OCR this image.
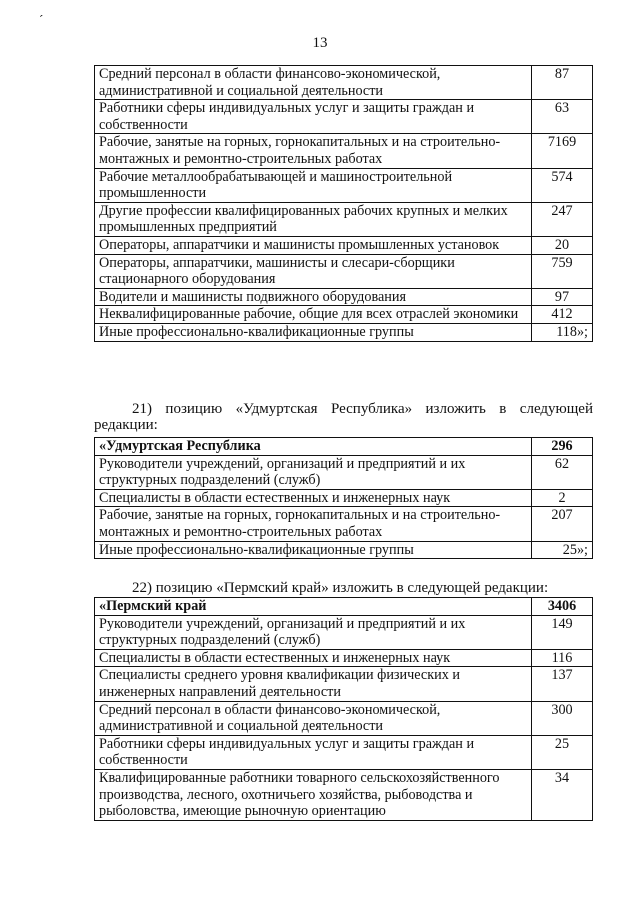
´
13
Средний персонал в области финансово-экономической, административной и социальной деятельности	87
Работники сферы индивидуальных услуг и защиты граждан и собственности	63
Рабочие, занятые на горных, горнокапитальных и на строительно-монтажных и ремонтно-строительных работах	7169
Рабочие металлообрабатывающей и машиностроительной промышленности	574
Другие профессии квалифицированных рабочих крупных и мелких промышленных предприятий	247
Операторы, аппаратчики и машинисты промышленных установок	20
Операторы, аппаратчики, машинисты и слесари-сборщики стационарного оборудования	759
Водители и машинисты подвижного оборудования	97
Неквалифицированные рабочие, общие для всех отраслей экономики	412
Иные профессионально-квалификационные группы	118»;
21) позицию «Удмуртская Республика» изложить в следующей редакции:
«Удмуртская Республика	296
Руководители учреждений, организаций и предприятий и их структурных подразделений (служб)	62
Специалисты в области естественных и инженерных наук	2
Рабочие, занятые на горных, горнокапитальных и на строительно-монтажных и ремонтно-строительных работах	207
Иные профессионально-квалификационные группы	25»;
22) позицию «Пермский край» изложить в следующей редакции:
«Пермский край	3406
Руководители учреждений, организаций и предприятий и их структурных подразделений (служб)	149
Специалисты в области естественных и инженерных наук	116
Специалисты среднего уровня квалификации физических и инженерных направлений деятельности	137
Средний персонал в области финансово-экономической, административной и социальной деятельности	300
Работники сферы индивидуальных услуг и защиты граждан и собственности	25
Квалифицированные работники товарного сельскохозяйственного производства, лесного, охотничьего хозяйства, рыбоводства и рыболовства, имеющие рыночную ориентацию	34
